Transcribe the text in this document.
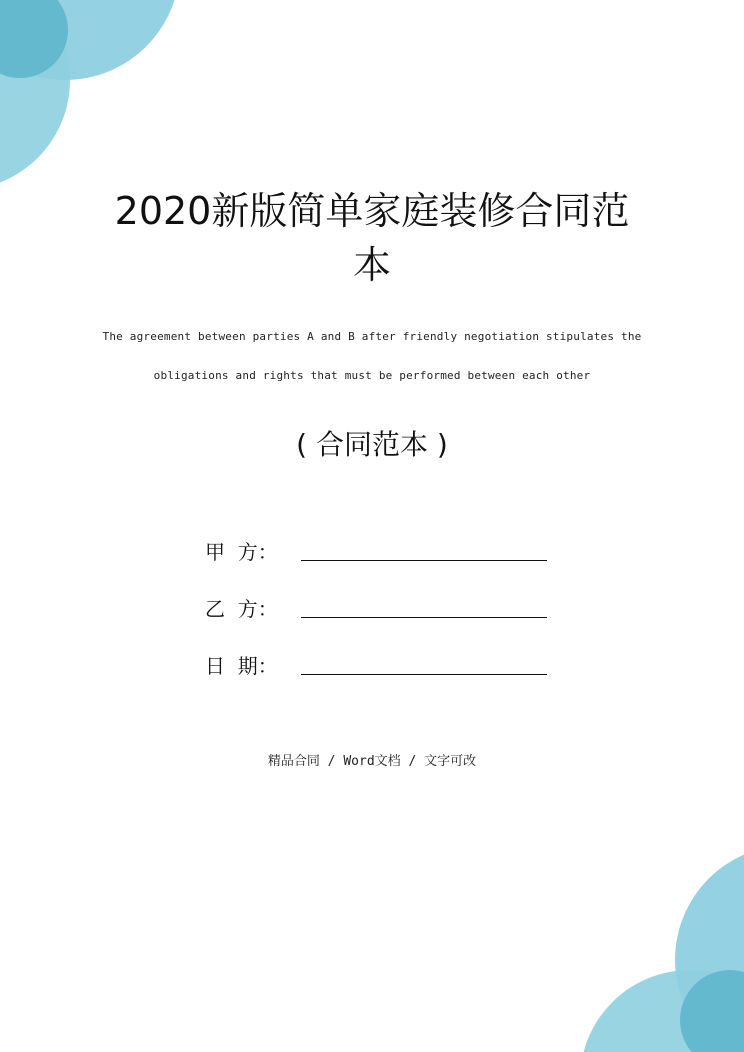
2020新版简单家庭装修合同范
本
The agreement between parties A and B after friendly negotiation stipulates the
obligations and rights that must be performed between each other
( 合同范本 )
甲  方：
乙  方：
日  期：
精品合同 / Word文档 / 文字可改
